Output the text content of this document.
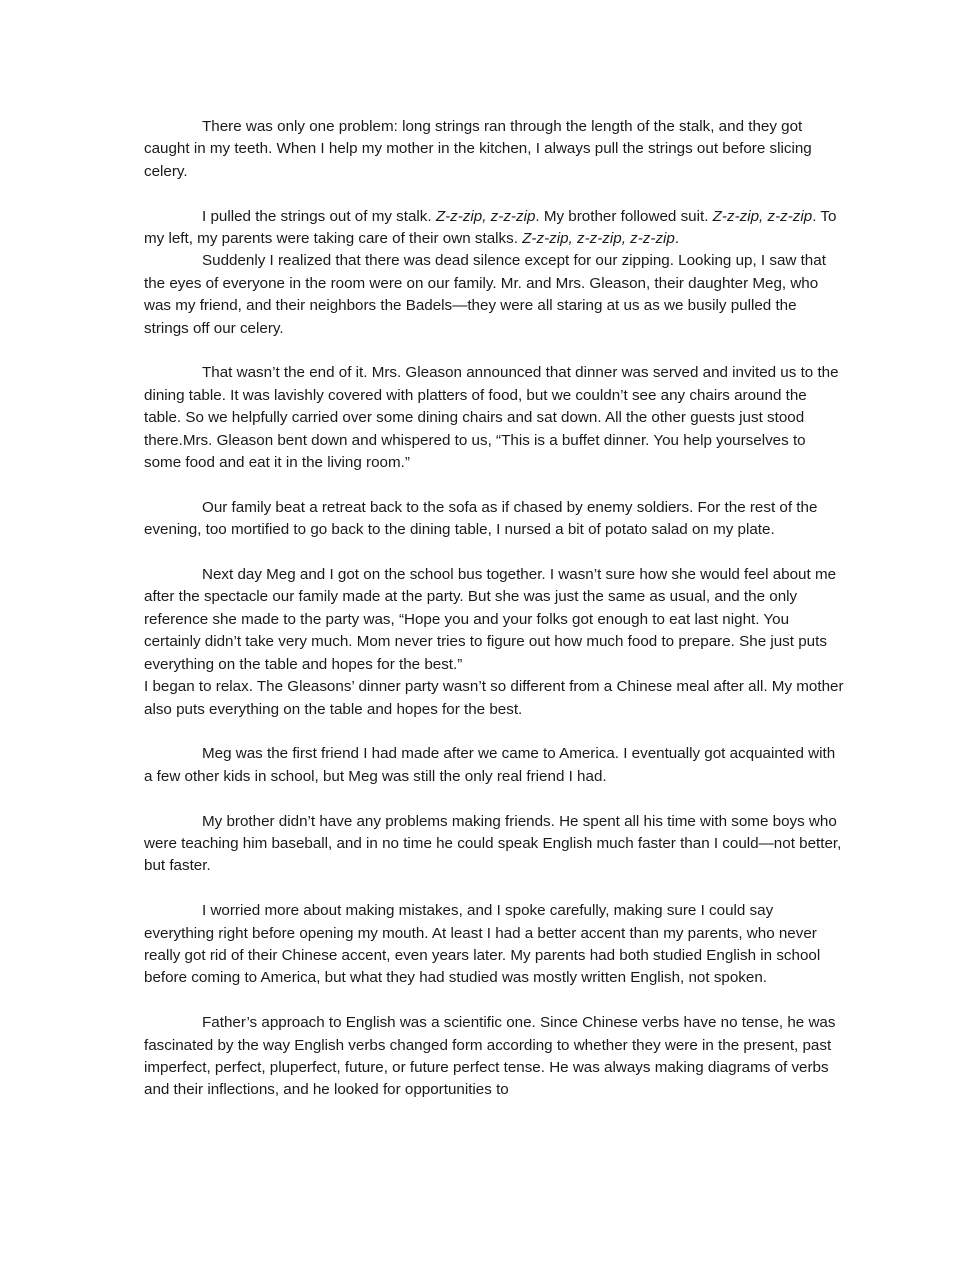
There was only one problem: long strings ran through the length of the stalk, and they got caught in my teeth. When I help my mother in the kitchen, I always pull the strings out before slicing celery.

I pulled the strings out of my stalk. Z-z-zip, z-z-zip. My brother followed suit. Z-z-zip, z-z-zip. To my left, my parents were taking care of their own stalks. Z-z-zip, z-z-zip, z-z-zip.

Suddenly I realized that there was dead silence except for our zipping. Looking up, I saw that the eyes of everyone in the room were on our family. Mr. and Mrs. Gleason, their daughter Meg, who was my friend, and their neighbors the Badels—they were all staring at us as we busily pulled the strings off our celery.

That wasn’t the end of it. Mrs. Gleason announced that dinner was served and invited us to the dining table. It was lavishly covered with platters of food, but we couldn’t see any chairs around the table. So we helpfully carried over some dining chairs and sat down. All the other guests just stood there.Mrs. Gleason bent down and whispered to us, “This is a buffet dinner. You help yourselves to some food and eat it in the living room.”

Our family beat a retreat back to the sofa as if chased by enemy soldiers. For the rest of the evening, too mortified to go back to the dining table, I nursed a bit of potato salad on my plate.

Next day Meg and I got on the school bus together. I wasn’t sure how she would feel about me after the spectacle our family made at the party. But she was just the same as usual, and the only reference she made to the party was, “Hope you and your folks got enough to eat last night. You certainly didn’t take very much. Mom never tries to figure out how much food to prepare. She just puts everything on the table and hopes for the best.”

I began to relax. The Gleasons’ dinner party wasn’t so different from a Chinese meal after all. My mother also puts everything on the table and hopes for the best.

Meg was the first friend I had made after we came to America. I eventually got acquainted with a few other kids in school, but Meg was still the only real friend I had.

My brother didn’t have any problems making friends. He spent all his time with some boys who were teaching him baseball, and in no time he could speak English much faster than I could—not better, but faster.

I worried more about making mistakes, and I spoke carefully, making sure I could say everything right before opening my mouth. At least I had a better accent than my parents, who never really got rid of their Chinese accent, even years later. My parents had both studied English in school before coming to America, but what they had studied was mostly written English, not spoken.

Father’s approach to English was a scientific one. Since Chinese verbs have no tense, he was fascinated by the way English verbs changed form according to whether they were in the present, past imperfect, perfect, pluperfect, future, or future perfect tense. He was always making diagrams of verbs and their inflections, and he looked for opportunities to
